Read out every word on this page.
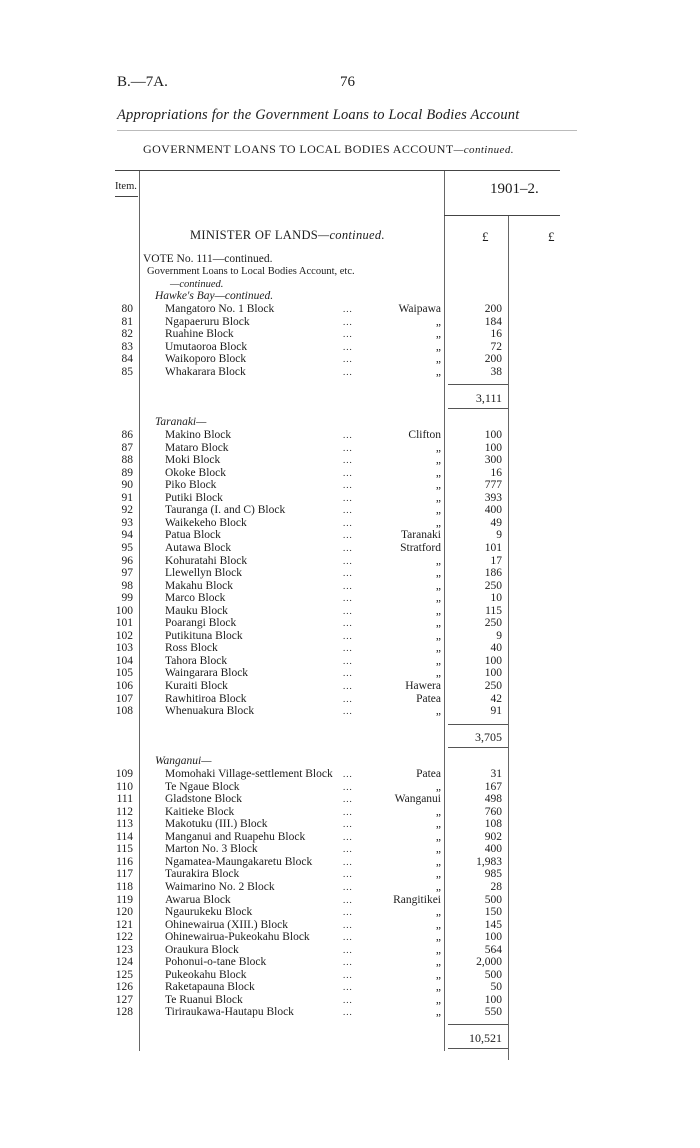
B.—7A.	76
Appropriations for the Government Loans to Local Bodies Account
GOVERNMENT LOANS TO LOCAL BODIES ACCOUNT—continued.
Item.	1901–2.
MINISTER OF LANDS—continued.	£	£
VOTE No. 111—continued.
Government Loans to Local Bodies Account, etc.
—continued.
Hawke's Bay—continued.
80	Mangatoro No. 1 Block	...	Waipawa	200
81	Ngapaeruru Block	...	„	184
82	Ruahine Block	...	„	16
83	Umutaoroa Block	...	„	72
84	Waikoporo Block	...	„	200
85	Whakarara Block	...	„	38
3,111
Taranaki—
86	Makino Block	...	Clifton	100
87	Mataro Block	...	„	100
88	Moki Block	...	„	300
89	Okoke Block	...	„	16
90	Piko Block	...	„	777
91	Putiki Block	...	„	393
92	Tauranga (I. and C) Block	...	„	400
93	Waikekeho Block	...	„	49
94	Patua Block	...	Taranaki	9
95	Autawa Block	...	Stratford	101
96	Kohuratahi Block	...	„	17
97	Llewellyn Block	...	„	186
98	Makahu Block	...	„	250
99	Marco Block	...	„	10
100	Mauku Block	...	„	115
101	Poarangi Block	...	„	250
102	Putikituna Block	...	„	9
103	Ross Block	...	„	40
104	Tahora Block	...	„	100
105	Waingarara Block	...	„	100
106	Kuraiti Block	...	Hawera	250
107	Rawhitiroa Block	...	Patea	42
108	Whenuakura Block	...	„	91
3,705
Wanganui—
109	Momohaki Village-settlement Block ...	Patea	31
110	Te Ngaue Block	...	„	167
111	Gladstone Block	...	Wanganui	498
112	Kaitieke Block	...	„	760
113	Makotuku (III.) Block	...	„	108
114	Manganui and Ruapehu Block	...	„	902
115	Marton No. 3 Block	...	„	400
116	Ngamatea-Maungakaretu Block	...	„	1,983
117	Taurakira Block	...	„	985
118	Waimarino No. 2 Block	...	„	28
119	Awarua Block	...	Rangitikei	500
120	Ngaurukeku Block	...	„	150
121	Ohinewairua (XIII.) Block	...	„	145
122	Ohinewairua-Pukeokahu Block	...	„	100
123	Oraukura Block	...	„	564
124	Pohonui-o-tane Block	...	„	2,000
125	Pukeokahu Block	...	„	500
126	Raketapauna Block	...	„	50
127	Te Ruanui Block	...	„	100
128	Tiriraukawa-Hautapu Block	...	„	550
10,521
